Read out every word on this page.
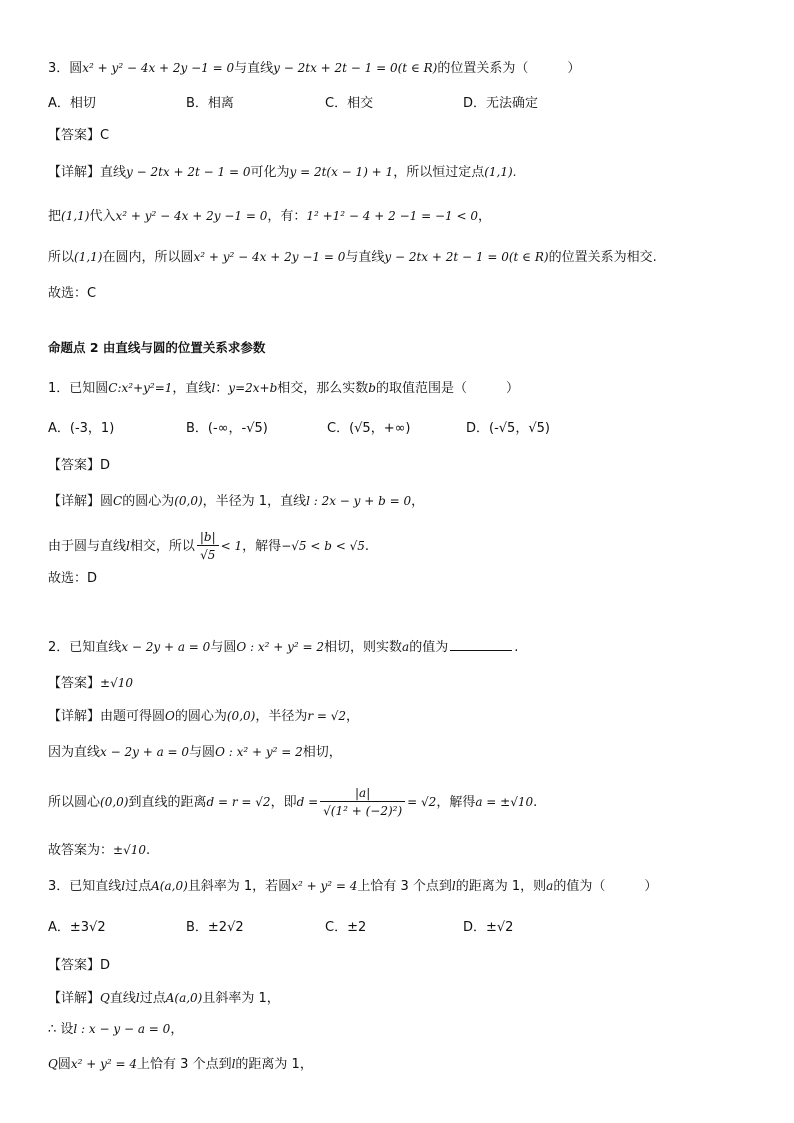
3．圆x² + y² − 4x + 2y −1 = 0与直线y − 2tx + 2t − 1 = 0(t ∈ R)的位置关系为（　　　）
A．相切	B．相离	C．相交	D．无法确定
【答案】C
【详解】直线y − 2tx + 2t − 1 = 0可化为y = 2t(x − 1) + 1，所以恒过定点(1,1).
把(1,1)代入x² + y² − 4x + 2y −1 = 0，有：1² +1² − 4 + 2 −1 = −1 < 0，
所以(1,1)在圆内，所以圆x² + y² − 4x + 2y −1 = 0与直线y − 2tx + 2t − 1 = 0(t ∈ R)的位置关系为相交.
故选：C
命题点 2 由直线与圆的位置关系求参数
1．已知圆C:x²+y²=1，直线l：y=2x+b相交，那么实数b的取值范围是（　　　）
A．(-3，1)	B．(-∞，-√5)	C．(√5，+∞)	D．(-√5，√5)
【答案】D
【详解】圆C的圆心为(0,0)，半径为 1，直线l : 2x − y + b = 0，
由于圆与直线l相交，所以 $\frac{|b|}{√5} < 1$，解得−√5 < b < √5.
故选：D
2．已知直线x − 2y + a = 0与圆O : x² + y² = 2相切，则实数a的值为	.
【答案】±√10
【详解】由题可得圆O的圆心为(0,0)，半径为r = √2，
因为直线x − 2y + a = 0与圆O : x² + y² = 2相切，
所以圆心(0,0)到直线的距离d = r = √2，即$d = \frac{|a|}{\text{√(1² + (−2)²)}} = √2$，解得a = ±√10.
故答案为：±√10.
3．已知直线l过点A(a,0)且斜率为 1，若圆x² + y² = 4上恰有 3 个点到l的距离为 1，则a的值为（　　　）
A．±3√2	B．±2√2	C．±2	D．±√2
【答案】D
【详解】Q直线l过点A(a,0)且斜率为 1，
∴ 设l : x − y − a = 0，
Q圆x² + y² = 4上恰有 3 个点到l的距离为 1，
